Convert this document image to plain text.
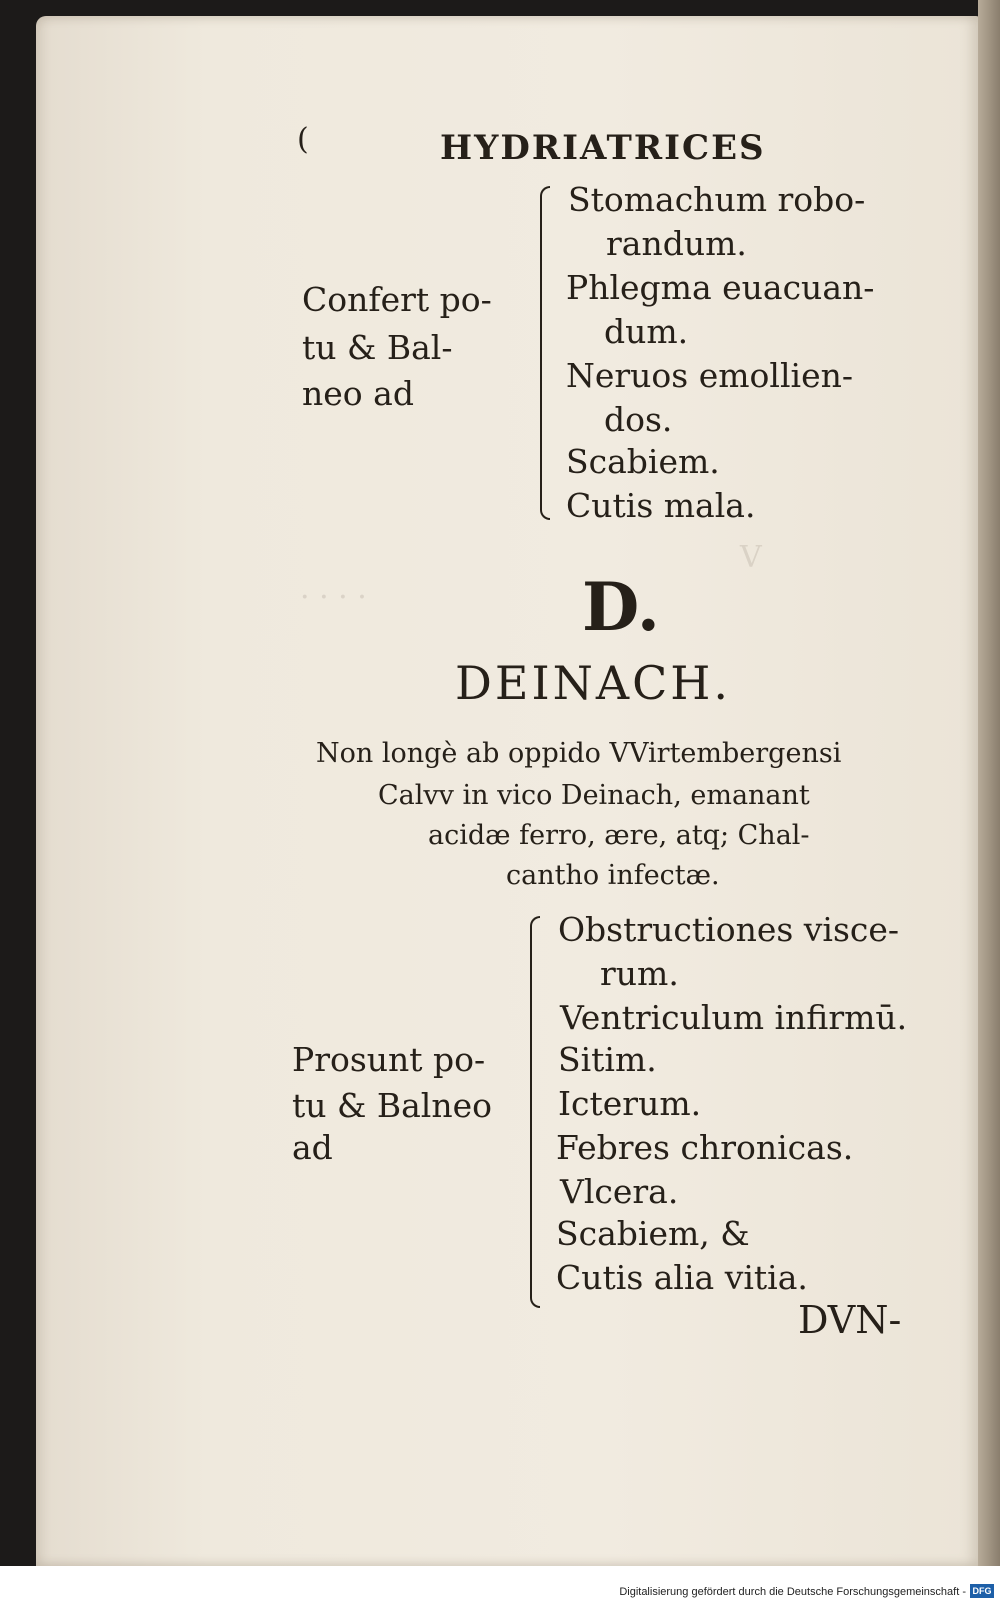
V
· · · ·
(	HYDRIATRICES
Confert po-
tu & Bal-
neo ad
Stomachum robo-
randum.
Phlegma euacuan-
dum.
Neruos emollien-
dos.
Scabiem.
Cutis mala.
D.
DEINACH.
Non longè ab oppido VVirtembergensi
Calvv in vico Deinach, emanant
acidæ ferro, ære, atq; Chal-
cantho infectæ.
Prosunt po-
tu & Balneo
ad
Obstructiones visce-
rum.
Ventriculum infirmū.
Sitim.
Icterum.
Febres chronicas.
Vlcera.
Scabiem, &
Cutis alia vitia.
DVN-
Digitalisierung gefördert durch die Deutsche Forschungsgemeinschaft - DFG
